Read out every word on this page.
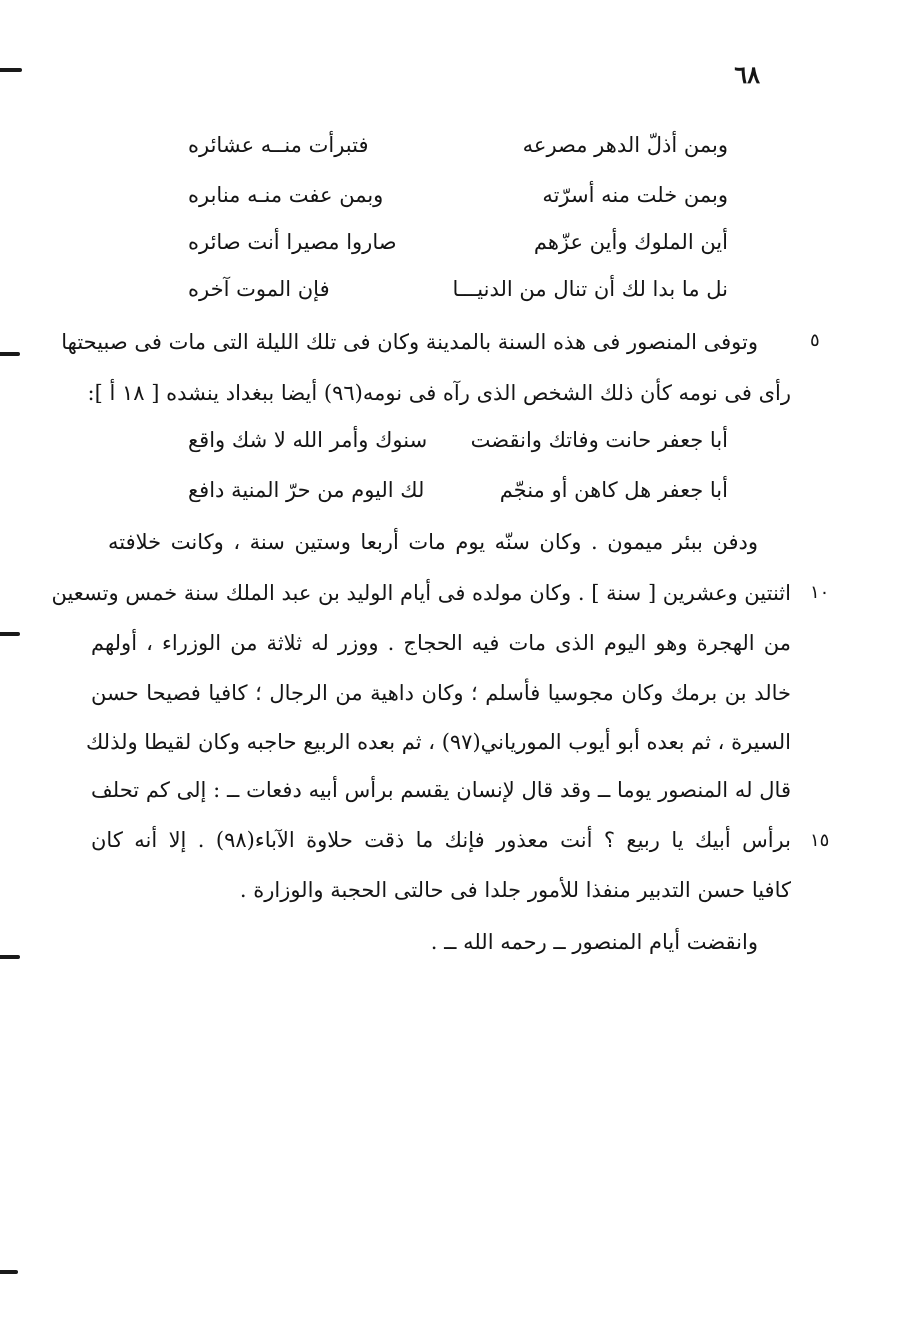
٦٨
وبمن أذلّ الدهر مصرعه
فتبرأت منــه عشائره
وبمن خلت منه أسرّته
وبمن عفت منـه منابره
أين الملوك وأين عزّهم
صاروا مصيرا أنت صائره
نل ما بدا لك أن تنال من الدنيـــا
فإن الموت آخره
وتوفى المنصور فى هذه السنة بالمدينة وكان فى تلك الليلة التى مات فى صبيحتها	٥
رأى فى نومه كأن ذلك الشخص الذى رآه فى نومه(٩٦) أيضا ببغداد ينشده [ ١٨ أ ]:
أبا جعفر حانت وفاتك وانقضت
سنوك وأمر الله لا شك واقع
أبا جعفر هل كاهن أو منجّم
لك اليوم من حرّ المنية دافع
ودفن ببئر ميمون . وكان سنّه يوم مات أربعا وستين سنة ، وكانت خلافته
اثنتين وعشرين [ سنة ] . وكان مولده فى أيام الوليد بن عبد الملك سنة خمس وتسعين ١٠
من الهجرة وهو اليوم الذى مات فيه الحجاج . ووزر له ثلاثة من الوزراء ، أولهم
خالد بن برمك وكان مجوسيا فأسلم ؛ وكان داهية من الرجال ؛ كافيا فصيحا حسن
السيرة ، ثم بعده أبو أيوب المورياني(٩٧) ، ثم بعده الربيع حاجبه وكان لقيطا ولذلك
قال له المنصور يوما ــ وقد قال لإنسان يقسم برأس أبيه دفعات ــ : إلى كم تحلف
برأس أبيك يا ربيع ؟ أنت معذور فإنك ما ذقت حلاوة الآباء(٩٨) . إلا أنه كان ١٥
كافيا حسن التدبير منفذا للأمور جلدا فى حالتى الحجبة والوزارة .
وانقضت أيام المنصور ــ رحمه الله ــ .
